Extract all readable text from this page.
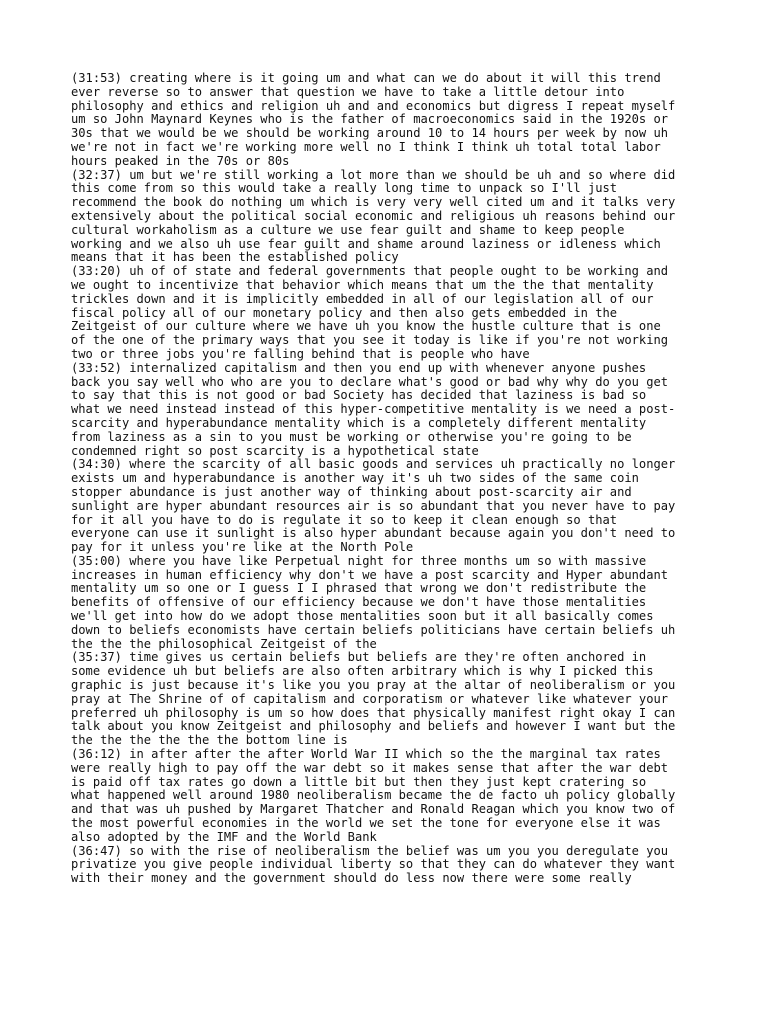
(31:53) creating where is it going um and what can we do about it will this trend
ever reverse so to answer that question we have to take a little detour into
philosophy and ethics and religion uh and and economics but digress I repeat myself
um so John Maynard Keynes who is the father of macroeconomics said in the 1920s or
30s that we would be we should be working around 10 to 14 hours per week by now uh
we're not in fact we're working more well no I think I think uh total total labor
hours peaked in the 70s or 80s
(32:37) um but we're still working a lot more than we should be uh and so where did
this come from so this would take a really long time to unpack so I'll just
recommend the book do nothing um which is very very well cited um and it talks very
extensively about the political social economic and religious uh reasons behind our
cultural workaholism as a culture we use fear guilt and shame to keep people
working and we also uh use fear guilt and shame around laziness or idleness which
means that it has been the established policy
(33:20) uh of of state and federal governments that people ought to be working and
we ought to incentivize that behavior which means that um the the that mentality
trickles down and it is implicitly embedded in all of our legislation all of our
fiscal policy all of our monetary policy and then also gets embedded in the
Zeitgeist of our culture where we have uh you know the hustle culture that is one
of the one of the primary ways that you see it today is like if you're not working
two or three jobs you're falling behind that is people who have
(33:52) internalized capitalism and then you end up with whenever anyone pushes
back you say well who who are you to declare what's good or bad why why do you get
to say that this is not good or bad Society has decided that laziness is bad so
what we need instead instead of this hyper-competitive mentality is we need a post-
scarcity and hyperabundance mentality which is a completely different mentality
from laziness as a sin to you must be working or otherwise you're going to be
condemned right so post scarcity is a hypothetical state
(34:30) where the scarcity of all basic goods and services uh practically no longer
exists um and hyperabundance is another way it's uh two sides of the same coin
stopper abundance is just another way of thinking about post-scarcity air and
sunlight are hyper abundant resources air is so abundant that you never have to pay
for it all you have to do is regulate it so to keep it clean enough so that
everyone can use it sunlight is also hyper abundant because again you don't need to
pay for it unless you're like at the North Pole
(35:00) where you have like Perpetual night for three months um so with massive
increases in human efficiency why don't we have a post scarcity and Hyper abundant
mentality um so one or I guess I I phrased that wrong we don't redistribute the
benefits of offensive of our efficiency because we don't have those mentalities
we'll get into how do we adopt those mentalities soon but it all basically comes
down to beliefs economists have certain beliefs politicians have certain beliefs uh
the the the philosophical Zeitgeist of the
(35:37) time gives us certain beliefs but beliefs are they're often anchored in
some evidence uh but beliefs are also often arbitrary which is why I picked this
graphic is just because it's like you you pray at the altar of neoliberalism or you
pray at The Shrine of of capitalism and corporatism or whatever like whatever your
preferred uh philosophy is um so how does that physically manifest right okay I can
talk about you know Zeitgeist and philosophy and beliefs and however I want but the
the the the the the the bottom line is
(36:12) in after after the after World War II which so the the marginal tax rates
were really high to pay off the war debt so it makes sense that after the war debt
is paid off tax rates go down a little bit but then they just kept cratering so
what happened well around 1980 neoliberalism became the de facto uh policy globally
and that was uh pushed by Margaret Thatcher and Ronald Reagan which you know two of
the most powerful economies in the world we set the tone for everyone else it was
also adopted by the IMF and the World Bank
(36:47) so with the rise of neoliberalism the belief was um you you deregulate you
privatize you give people individual liberty so that they can do whatever they want
with their money and the government should do less now there were some really
